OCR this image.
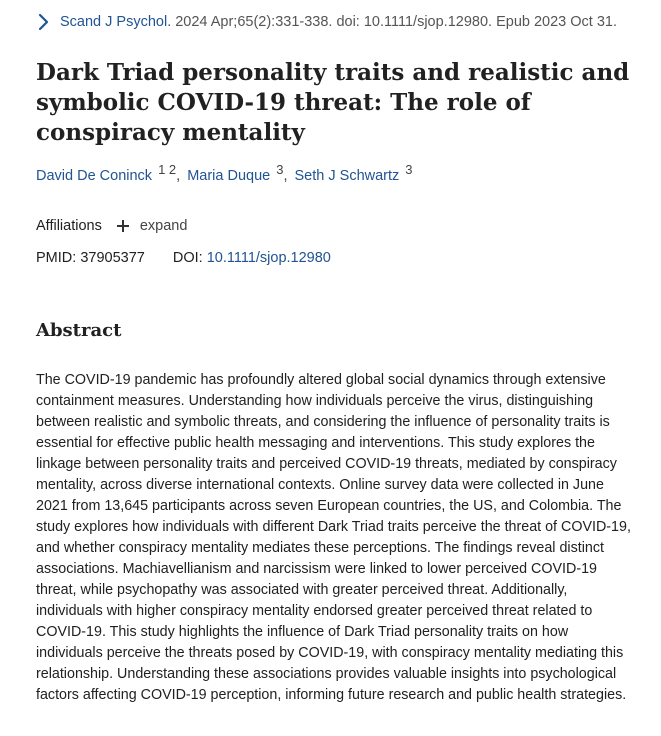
Scand J Psychol. 2024 Apr;65(2):331-338. doi: 10.1111/sjop.12980. Epub 2023 Oct 31.
Dark Triad personality traits and realistic and symbolic COVID-19 threat: The role of conspiracy mentality
David De Coninck 1 2, Maria Duque 3, Seth J Schwartz 3
Affiliations	expand
PMID: 37905377 DOI: 10.1111/sjop.12980
Abstract

The COVID-19 pandemic has profoundly altered global social dynamics through extensive containment measures. Understanding how individuals perceive the virus, distinguishing between realistic and symbolic threats, and considering the influence of personality traits is essential for effective public health messaging and interventions. This study explores the linkage between personality traits and perceived COVID-19 threats, mediated by conspiracy mentality, across diverse international contexts. Online survey data were collected in June 2021 from 13,645 participants across seven European countries, the US, and Colombia. The study explores how individuals with different Dark Triad traits perceive the threat of COVID-19, and whether conspiracy mentality mediates these perceptions. The findings reveal distinct associations. Machiavellianism and narcissism were linked to lower perceived COVID-19 threat, while psychopathy was associated with greater perceived threat. Additionally, individuals with higher conspiracy mentality endorsed greater perceived threat related to COVID-19. This study highlights the influence of Dark Triad personality traits on how individuals perceive the threats posed by COVID-19, with conspiracy mentality mediating this relationship. Understanding these associations provides valuable insights into psychological factors affecting COVID-19 perception, informing future research and public health strategies.
